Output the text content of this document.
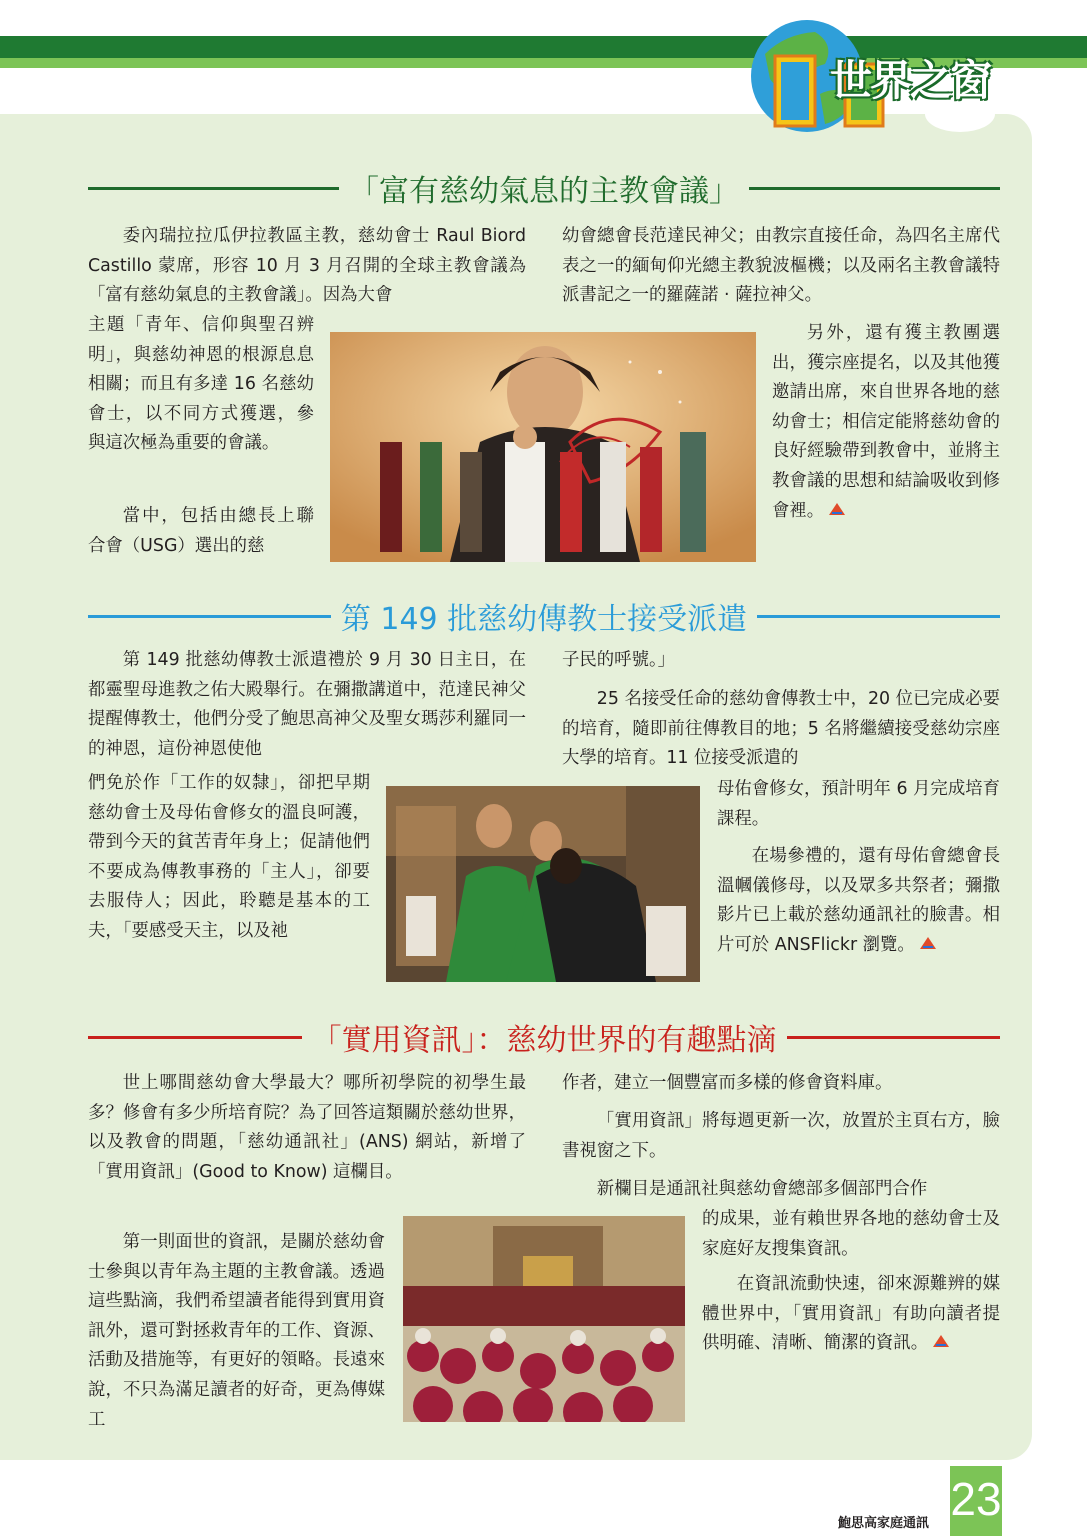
世界之窗
「富有慈幼氣息的主教會議」
委內瑞拉拉瓜伊拉教區主教，慈幼會士 Raul Biord Castillo 蒙席，形容 10 月 3 月召開的全球主教會議為「富有慈幼氣息的主教會議」。因為大會
主題「青年、信仰與聖召辨明」，與慈幼神恩的根源息息相關；而且有多達 16 名慈幼會士，以不同方式獲選，參與這次極為重要的會議。
當中，包括由總長上聯合會（USG）選出的慈
幼會總會長范達民神父；由教宗直接任命，為四名主席代表之一的緬甸仰光總主教貌波樞機；以及兩名主教會議特派書記之一的羅薩諾 · 薩拉神父。
另外，還有獲主教團選出，獲宗座提名，以及其他獲邀請出席，來自世界各地的慈幼會士；相信定能將慈幼會的良好經驗帶到教會中，並將主教會議的思想和結論吸收到修會裡。
第 149 批慈幼傳教士接受派遣
第 149 批慈幼傳教士派遣禮於 9 月 30 日主日，在都靈聖母進教之佑大殿舉行。在彌撒講道中，范達民神父提醒傳教士，他們分受了鮑思高神父及聖女瑪莎利羅同一的神恩，這份神恩使他
們免於作「工作的奴隸」，卻把早期慈幼會士及母佑會修女的溫良呵護，帶到今天的貧苦青年身上；促請他們不要成為傳教事務的「主人」，卻要去服侍人；因此，聆聽是基本的工夫，「要感受天主，以及祂
子民的呼號。」
25 名接受任命的慈幼會傳教士中，20 位已完成必要的培育，隨即前往傳教目的地；5 名將繼續接受慈幼宗座大學的培育。11 位接受派遣的
母佑會修女，預計明年 6 月完成培育課程。
在場參禮的，還有母佑會總會長溫幗儀修母，以及眾多共祭者；彌撒影片已上載於慈幼通訊社的臉書。相片可於 ANSFlickr 瀏覽。
「實用資訊」：慈幼世界的有趣點滴
世上哪間慈幼會大學最大？哪所初學院的初學生最多？修會有多少所培育院？為了回答這類關於慈幼世界，以及教會的問題，「慈幼通訊社」(ANS) 網站，新增了「實用資訊」(Good to Know) 這欄目。
第一則面世的資訊，是關於慈幼會士參與以青年為主題的主教會議。透過這些點滴，我們希望讀者能得到實用資訊外，還可對拯救青年的工作、資源、活動及措施等，有更好的領略。長遠來說，不只為滿足讀者的好奇，更為傳媒工
作者，建立一個豐富而多樣的修會資料庫。
「實用資訊」將每週更新一次，放置於主頁右方，臉書視窗之下。
新欄目是通訊社與慈幼會總部多個部門合作
的成果，並有賴世界各地的慈幼會士及家庭好友搜集資訊。
在資訊流動快速，卻來源難辨的媒體世界中，「實用資訊」有助向讀者提供明確、清晰、簡潔的資訊。
鮑思高家庭通訊 23
